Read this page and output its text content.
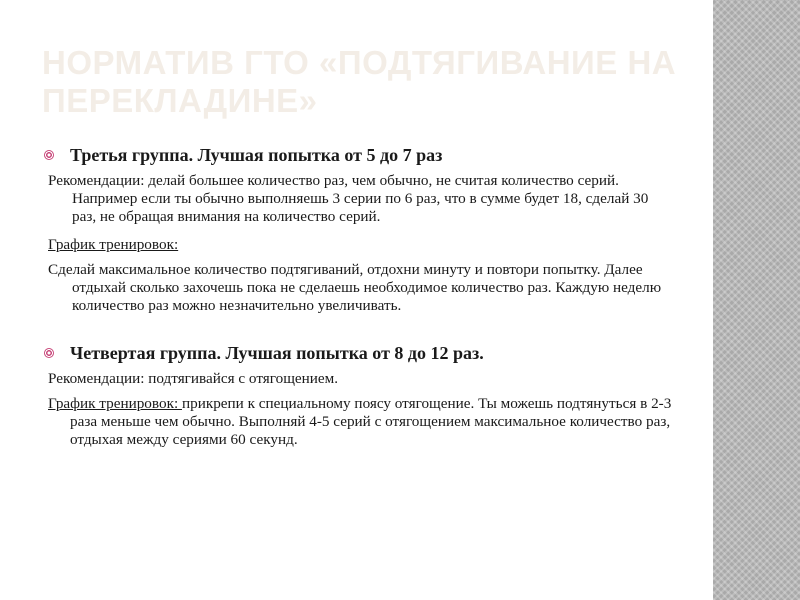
НОРМАТИВ ГТО «ПОДТЯГИВАНИЕ НА ПЕРЕКЛАДИНЕ»
Третья группа. Лучшая попытка от 5 до 7 раз

Рекомендации: делай большее количество раз, чем обычно, не считая количество серий. Например если ты обычно выполняешь 3 серии по 6 раз, что в сумме будет 18, сделай 30 раз, не обращая внимания на количество серий.

График тренировок:

Сделай максимальное количество подтягиваний, отдохни минуту и повтори попытку. Далее отдыхай сколько захочешь пока не сделаешь необходимое количество раз. Каждую неделю количество раз можно незначительно увеличивать.

Четвертая группа. Лучшая попытка от 8 до 12 раз.

Рекомендации: подтягивайся с отягощением.

График тренировок: прикрепи к специальному поясу отягощение. Ты можешь подтянуться в 2-3 раза меньше чем обычно. Выполняй 4-5 серий с отягощением максимальное количество раз, отдыхая между сериями 60 секунд.
